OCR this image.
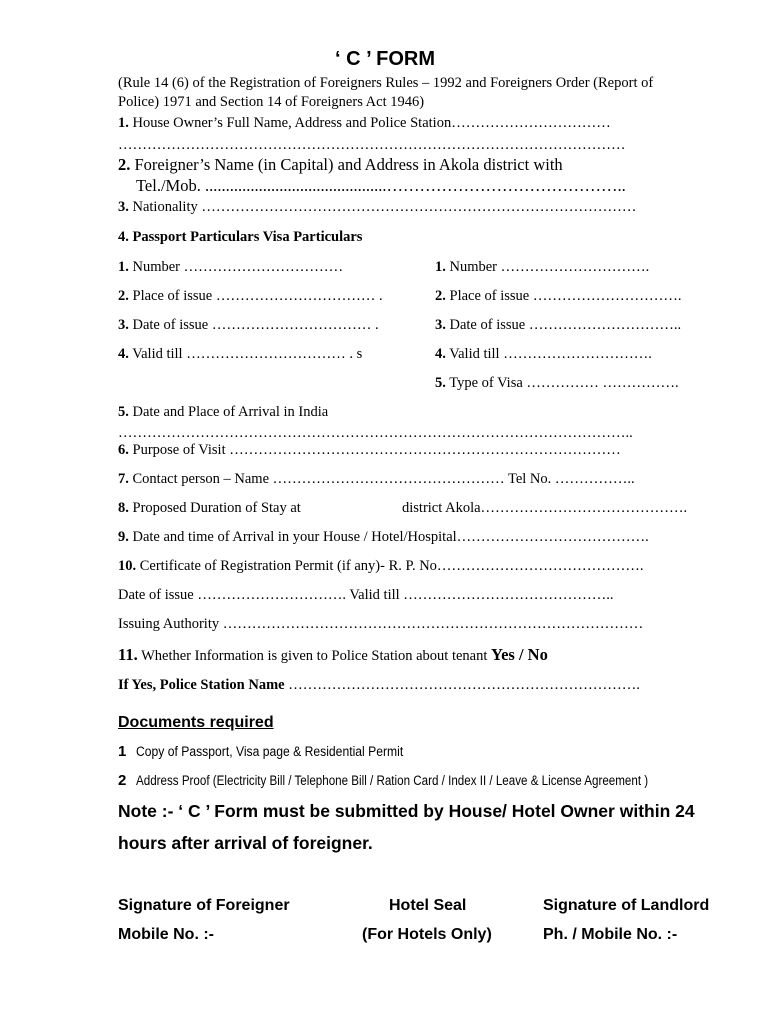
‘ C ’ FORM
(Rule 14 (6) of the Registration of Foreigners Rules – 1992 and Foreigners Order (Report of
Police) 1971 and Section 14 of Foreigners Act 1946)
1. House Owner’s Full Name, Address and Police Station……………………………
……………………………………………………………………………………………
2. Foreigner’s Name (in Capital) and Address in Akola district with
Tel./Mob. ............................................……………………………………..
3. Nationality ………………………………………………………………………………
4. Passport Particulars Visa Particulars
1. Number ……………………………
2. Place of issue …………………………… .
3. Date of issue …………………………… .
4. Valid till …………………………… . s
1. Number ………………………….
2. Place of issue ………………………….
3. Date of issue …………………………..
4. Valid till ………………………….
5. Type of Visa …………… …………….
5. Date and Place of Arrival in India
……………………………………………………………………………………………..
6. Purpose of Visit ………………………………………………………………………
7. Contact person – Name ………………………………………… Tel No. ……………..
8. Proposed Duration of Stay at	district Akola…………………………………….
9. Date and time of Arrival in your House / Hotel/Hospital………………………………….
10. Certificate of Registration Permit (if any)- R. P. No…………………………………….
Date of issue …………………………. Valid till ……………………………………..
Issuing Authority ……………………………………………………………………………
11. Whether Information is given to Police Station about tenant Yes / No
If Yes, Police Station Name ……………………………………………………………….
Documents required
1 Copy of Passport, Visa page & Residential Permit
2 Address Proof (Electricity Bill / Telephone Bill / Ration Card / Index II / Leave & License Agreement )
Note :- ‘ C ’ Form must be submitted by House/ Hotel Owner within 24
hours after arrival of foreigner.
Signature of Foreigner
Mobile No. :-
Hotel Seal
(For Hotels Only)
Signature of Landlord
Ph. / Mobile No. :-
